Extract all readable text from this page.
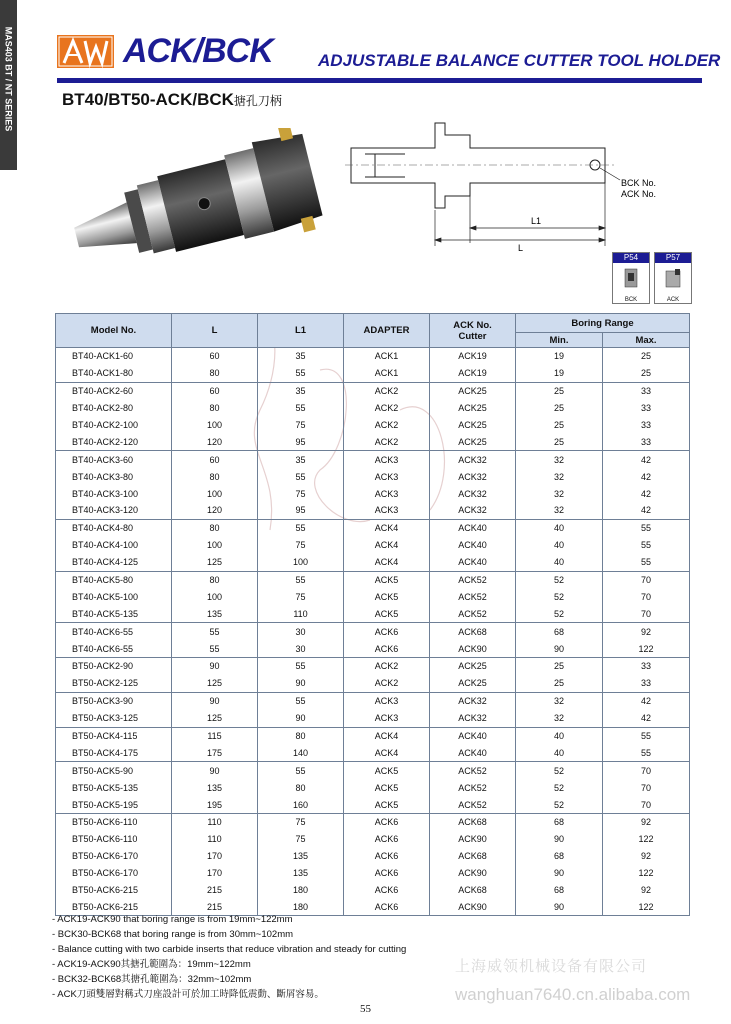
MAS403 BT / NT SERIES	ACK/BCK	ADJUSTABLE BALANCE CUTTER TOOL HOLDER
BT40/BT50-ACK/BCK搪孔刀柄
BCK No.
ACK No.
L1
L
P54
BCK
P57
ACK
Model No.	L	L1	ADAPTER	ACK No.
Cutter	Boring Range	
					Min.	Max.
BT40-ACK1-60	60	35	ACK1	ACK19	19	25
BT40-ACK1-80	80	55	ACK1	ACK19	19	25
BT40-ACK2-60	60	35	ACK2	ACK25	25	33
BT40-ACK2-80	80	55	ACK2	ACK25	25	33
BT40-ACK2-100	100	75	ACK2	ACK25	25	33
BT40-ACK2-120	120	95	ACK2	ACK25	25	33
BT40-ACK3-60	60	35	ACK3	ACK32	32	42
BT40-ACK3-80	80	55	ACK3	ACK32	32	42
BT40-ACK3-100	100	75	ACK3	ACK32	32	42
BT40-ACK3-120	120	95	ACK3	ACK32	32	42
BT40-ACK4-80	80	55	ACK4	ACK40	40	55
BT40-ACK4-100	100	75	ACK4	ACK40	40	55
BT40-ACK4-125	125	100	ACK4	ACK40	40	55
BT40-ACK5-80	80	55	ACK5	ACK52	52	70
BT40-ACK5-100	100	75	ACK5	ACK52	52	70
BT40-ACK5-135	135	110	ACK5	ACK52	52	70
BT40-ACK6-55	55	30	ACK6	ACK68	68	92
BT40-ACK6-55	55	30	ACK6	ACK90	90	122
BT50-ACK2-90	90	55	ACK2	ACK25	25	33
BT50-ACK2-125	125	90	ACK2	ACK25	25	33
BT50-ACK3-90	90	55	ACK3	ACK32	32	42
BT50-ACK3-125	125	90	ACK3	ACK32	32	42
BT50-ACK4-115	115	80	ACK4	ACK40	40	55
BT50-ACK4-175	175	140	ACK4	ACK40	40	55
BT50-ACK5-90	90	55	ACK5	ACK52	52	70
BT50-ACK5-135	135	80	ACK5	ACK52	52	70
BT50-ACK5-195	195	160	ACK5	ACK52	52	70
BT50-ACK6-110	110	75	ACK6	ACK68	68	92
BT50-ACK6-110	110	75	ACK6	ACK90	90	122
BT50-ACK6-170	170	135	ACK6	ACK68	68	92
BT50-ACK6-170	170	135	ACK6	ACK90	90	122
BT50-ACK6-215	215	180	ACK6	ACK68	68	92
BT50-ACK6-215	215	180	ACK6	ACK90	90	122
- ACK19-ACK90 that boring range is from 19mm~122mm
- BCK30-BCK68 that boring range is from 30mm~102mm
- Balance cutting with two carbide inserts that reduce vibration and steady for cutting
- ACK19-ACK90其搪孔範圍為：19mm~122mm
- BCK32-BCK68其搪孔範圍為：32mm~102mm
- ACK刀頭雙層對稱式刀座設計可於加工時降低震動、斷屑容易。
上海威领机械设备有限公司
wanghuan7640.cn.alibaba.com
55
